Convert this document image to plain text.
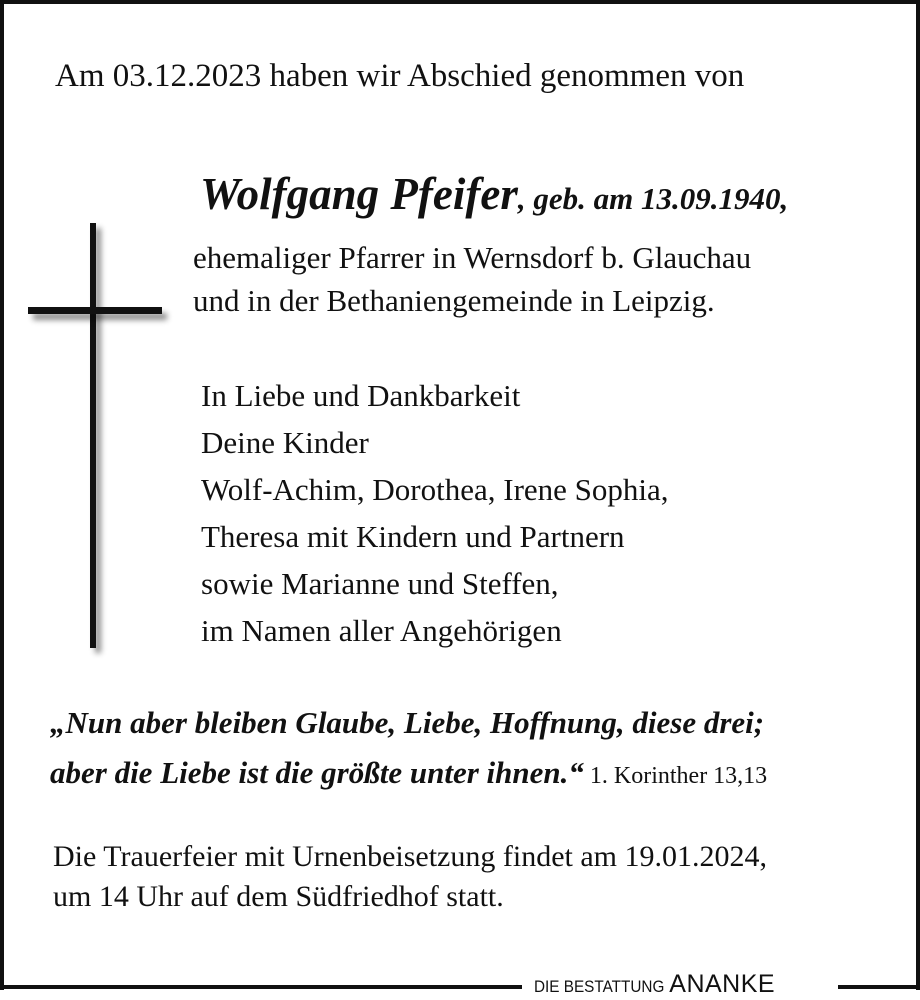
Am 03.12.2023 haben wir Abschied genommen von
Wolfgang Pfeifer, geb. am 13.09.1940,
ehemaliger Pfarrer in Wernsdorf b. Glauchau
und in der Bethaniengemeinde in Leipzig.
In Liebe und Dankbarkeit
Deine Kinder
Wolf-Achim, Dorothea, Irene Sophia,
Theresa mit Kindern und Partnern
sowie Marianne und Steffen,
im Namen aller Angehörigen
„Nun aber bleiben Glaube, Liebe, Hoffnung, diese drei;
aber die Liebe ist die größte unter ihnen.“ 1. Korinther 13,13
Die Trauerfeier mit Urnenbeisetzung findet am 19.01.2024,
um 14 Uhr auf dem Südfriedhof statt.
DIE BESTATTUNG ANANKE
